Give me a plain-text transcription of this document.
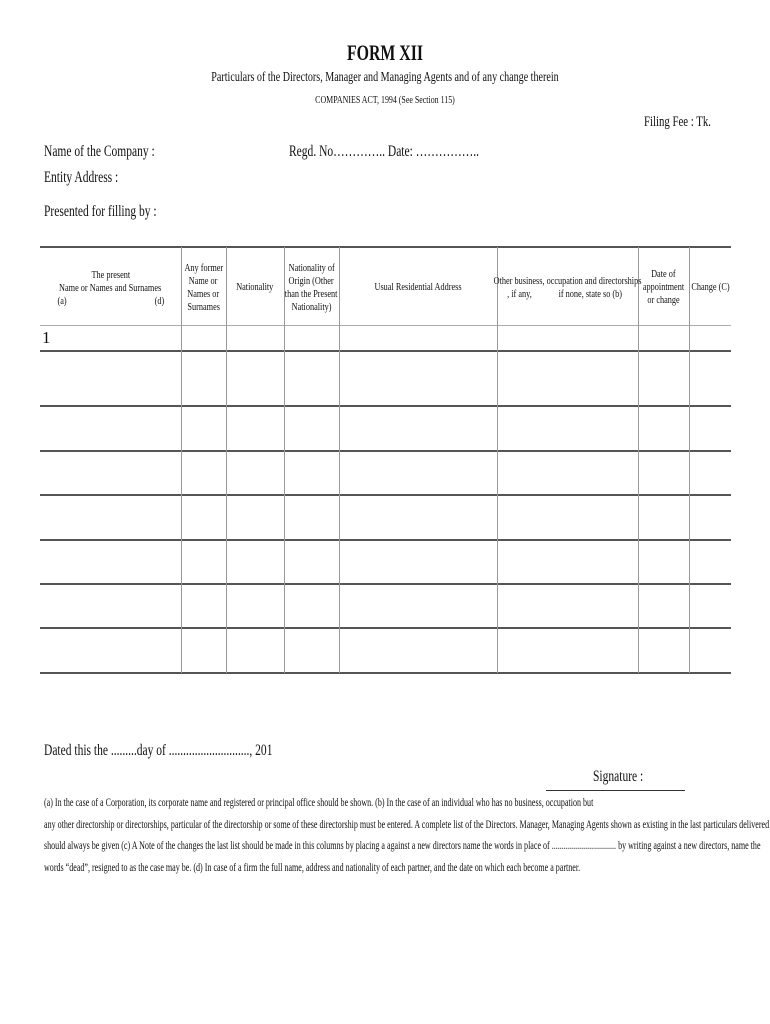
FORM XII
Particulars of the Directors, Manager and Managing Agents and of any change therein
COMPANIES ACT, 1994 (See Section 115)
Filing Fee : Tk.
Name of the Company :	Regd. No………….. Date: ……………..
Entity Address :
Presented for filling by :
The present
Name or Names and Surnames
(a)	(d)
Any former
Name or
Names or
Surnames
Nationality
Nationality of
Origin (Other
than the Present
Nationality)
Usual Residential Address
Other business, occupation and directorships
, if any, if none, state so (b)
Date of
appointment
or change
Change (C)
1
Dated this the .........day of ............................, 201
Signature :
(a) In the case of a Corporation, its corporate name and registered or principal office should be shown. (b) In the case of an individual who has no business, occupation but
any other directorship or directorships, particular of the directorship or some of these directorship must be entered. A complete list of the Directors. Manager, Managing Agents shown as existing in the last particulars delivered
should always be given (c) A Note of the changes the last list should be made in this columns by placing a against a new directors name the words in place of ................................ by writing against a new directors, name the
words “dead”, resigned to as the case may be. (d) In case of a firm the full name, address and nationality of each partner, and the date on which each become a partner.
